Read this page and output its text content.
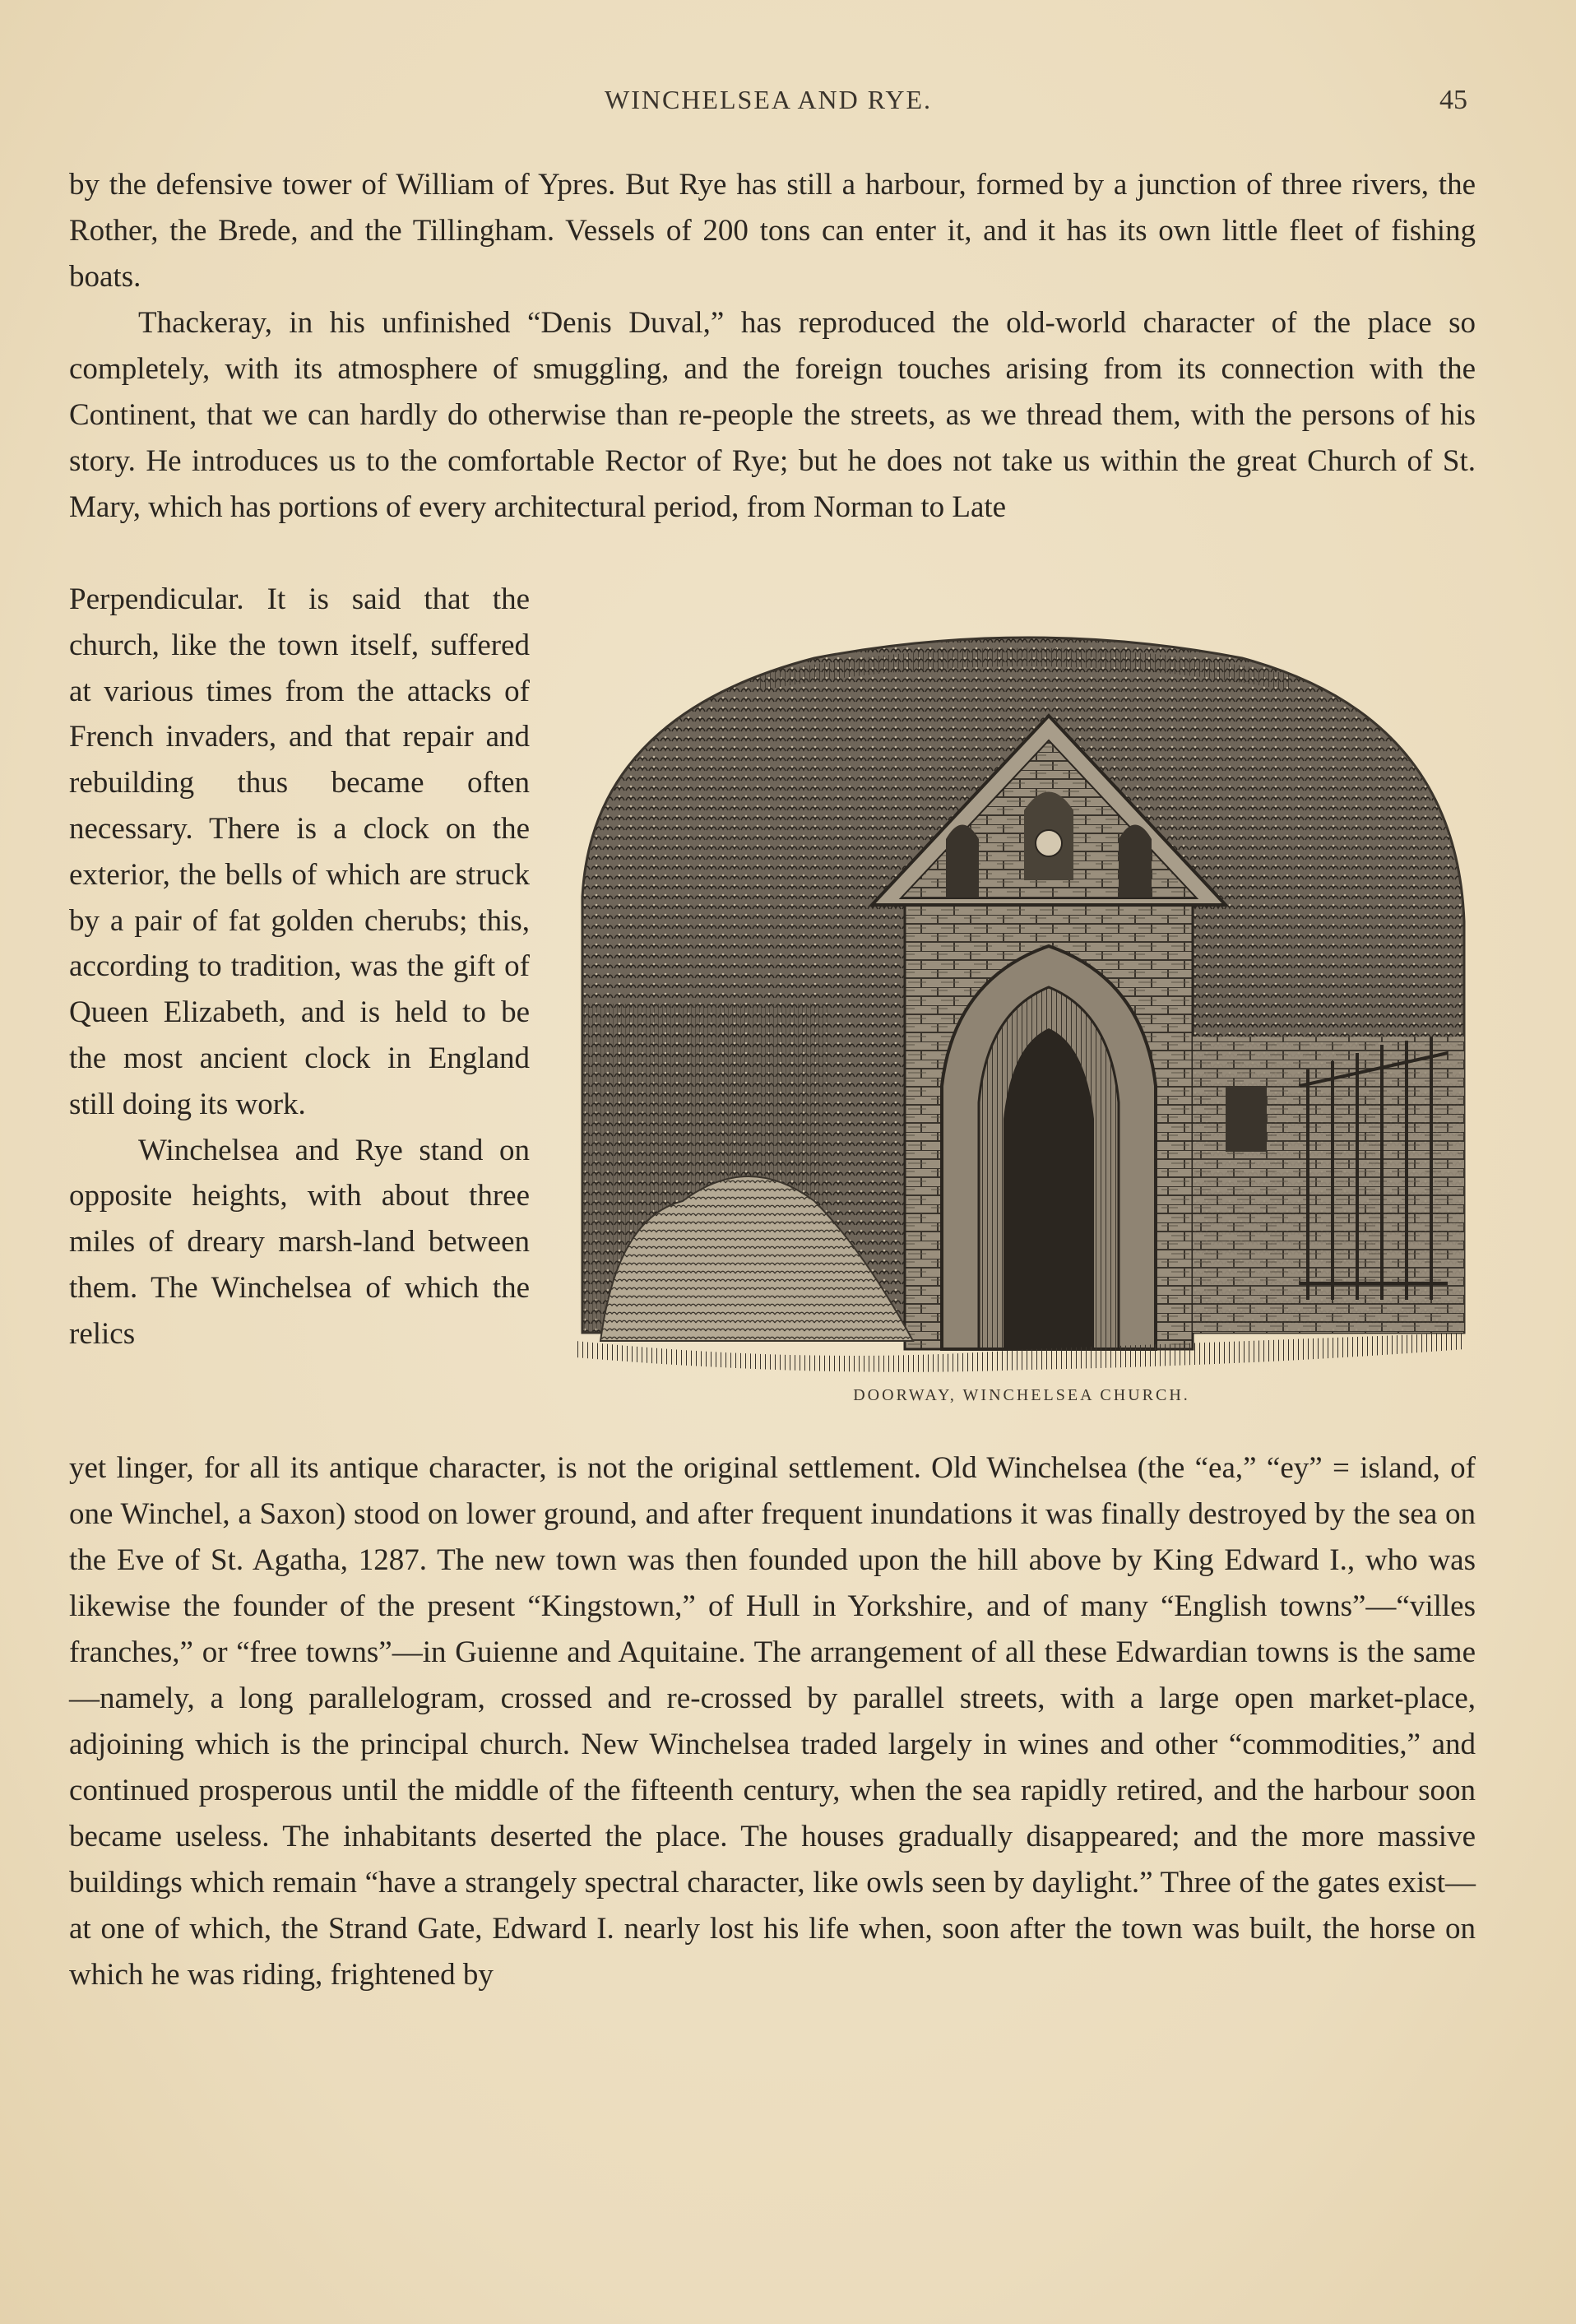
WINCHELSEA AND RYE.	45

by the defensive tower of William of Ypres. But Rye has still a harbour, formed by a junction of three rivers, the Rother, the Brede, and the Tillingham. Vessels of 200 tons can enter it, and it has its own little fleet of fishing boats.

Thackeray, in his unfinished “Denis Duval,” has reproduced the old-world character of the place so completely, with its atmosphere of smuggling, and the foreign touches arising from its connection with the Continent, that we can hardly do otherwise than re-people the streets, as we thread them, with the persons of his story. He introduces us to the comfortable Rector of Rye; but he does not take us within the great Church of St. Mary, which has portions of every architectural period, from Norman to Late

Perpendicular. It is said that the church, like the town itself, suffered at various times from the attacks of French invaders, and that repair and rebuilding thus became often necessary. There is a clock on the exterior, the bells of which are struck by a pair of fat golden cherubs; this, according to tradition, was the gift of Queen Elizabeth, and is held to be the most ancient clock in England still doing its work.

Winchelsea and Rye stand on opposite heights, with about three miles of dreary marsh-land between them. The Winchelsea of which the relics

DOORWAY, WINCHELSEA CHURCH.

yet linger, for all its antique character, is not the original settlement. Old Winchelsea (the “ea,” “ey” = island, of one Winchel, a Saxon) stood on lower ground, and after frequent inundations it was finally destroyed by the sea on the Eve of St. Agatha, 1287. The new town was then founded upon the hill above by King Edward I., who was likewise the founder of the present “Kingstown,” of Hull in Yorkshire, and of many “English towns”—“villes franches,” or “free towns”—in Guienne and Aquitaine. The arrangement of all these Edwardian towns is the same—namely, a long parallelogram, crossed and re-crossed by parallel streets, with a large open market-place, adjoining which is the principal church. New Winchelsea traded largely in wines and other “commodities,” and continued prosperous until the middle of the fifteenth century, when the sea rapidly retired, and the harbour soon became useless. The inhabitants deserted the place. The houses gradually disappeared; and the more massive buildings which remain “have a strangely spectral character, like owls seen by daylight.” Three of the gates exist—at one of which, the Strand Gate, Edward I. nearly lost his life when, soon after the town was built, the horse on which he was riding, frightened by
